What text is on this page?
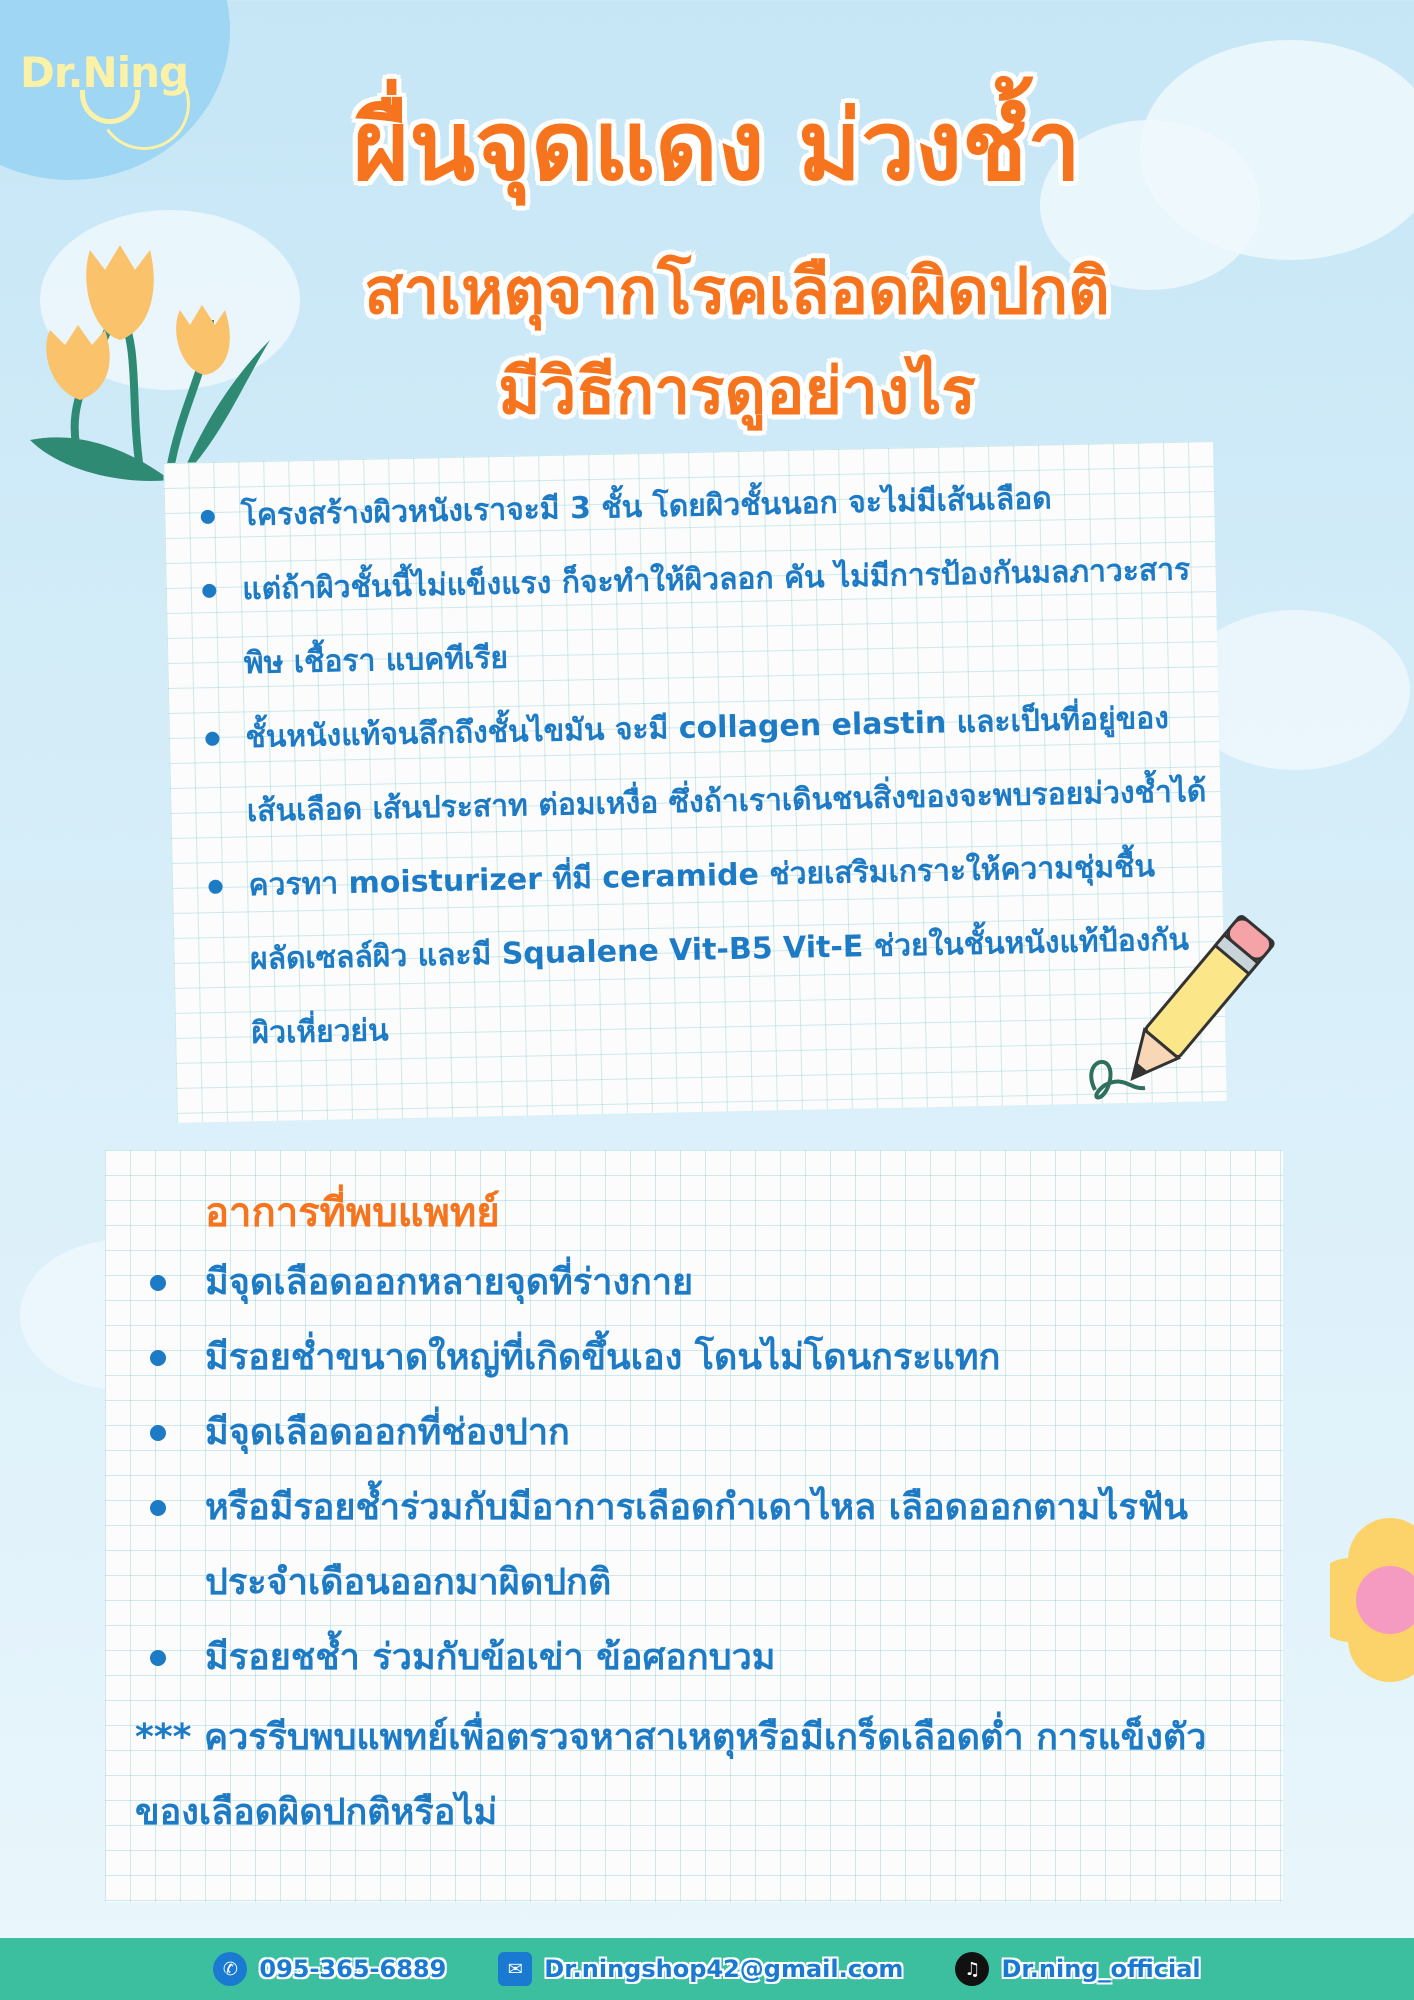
Dr.Ning
ผื่นจุดแดง ม่วงช้ำ
สาเหตุจากโรคเลือดผิดปกติ
มีวิธีการดูอย่างไร
โครงสร้างผิวหนังเราจะมี 3 ชั้น โดยผิวชั้นนอก จะไม่มีเส้นเลือด
แต่ถ้าผิวชั้นนี้ไม่แข็งแรง ก็จะทำให้ผิวลอก คัน ไม่มีการป้องกันมลภาวะสารพิษ เชื้อรา แบคทีเรีย
ชั้นหนังแท้จนลึกถึงชั้นไขมัน จะมี collagen elastin และเป็นที่อยู่ของเส้นเลือด เส้นประสาท ต่อมเหงื่อ ซึ่งถ้าเราเดินชนสิ่งของจะพบรอยม่วงช้ำได้
ควรทา moisturizer ที่มี ceramide ช่วยเสริมเกราะให้ความชุ่มชื้น ผลัดเซลล์ผิว และมี Squalene Vit-B5 Vit-E ช่วยในชั้นหนังแท้ป้องกันผิวเหี่ยวย่น
อาการที่พบแพทย์
มีจุดเลือดออกหลายจุดที่ร่างกาย
มีรอยช่ำขนาดใหญ่ที่เกิดขึ้นเอง โดนไม่โดนกระแทก
มีจุดเลือดออกที่ช่องปาก
หรือมีรอยช้ำร่วมกับมีอาการเลือดกำเดาไหล เลือดออกตามไรฟัน ประจำเดือนออกมาผิดปกติ
มีรอยชช้ำ ร่วมกับข้อเข่า ข้อศอกบวม
*** ควรรีบพบแพทย์เพื่อตรวจหาสาเหตุหรือมีเกร็ดเลือดต่ำ การแข็งตัวของเลือดผิดปกติหรือไม่
✆ 095-365-6889	✉ Dr.ningshop42@gmail.com	♫ Dr.ning_official
